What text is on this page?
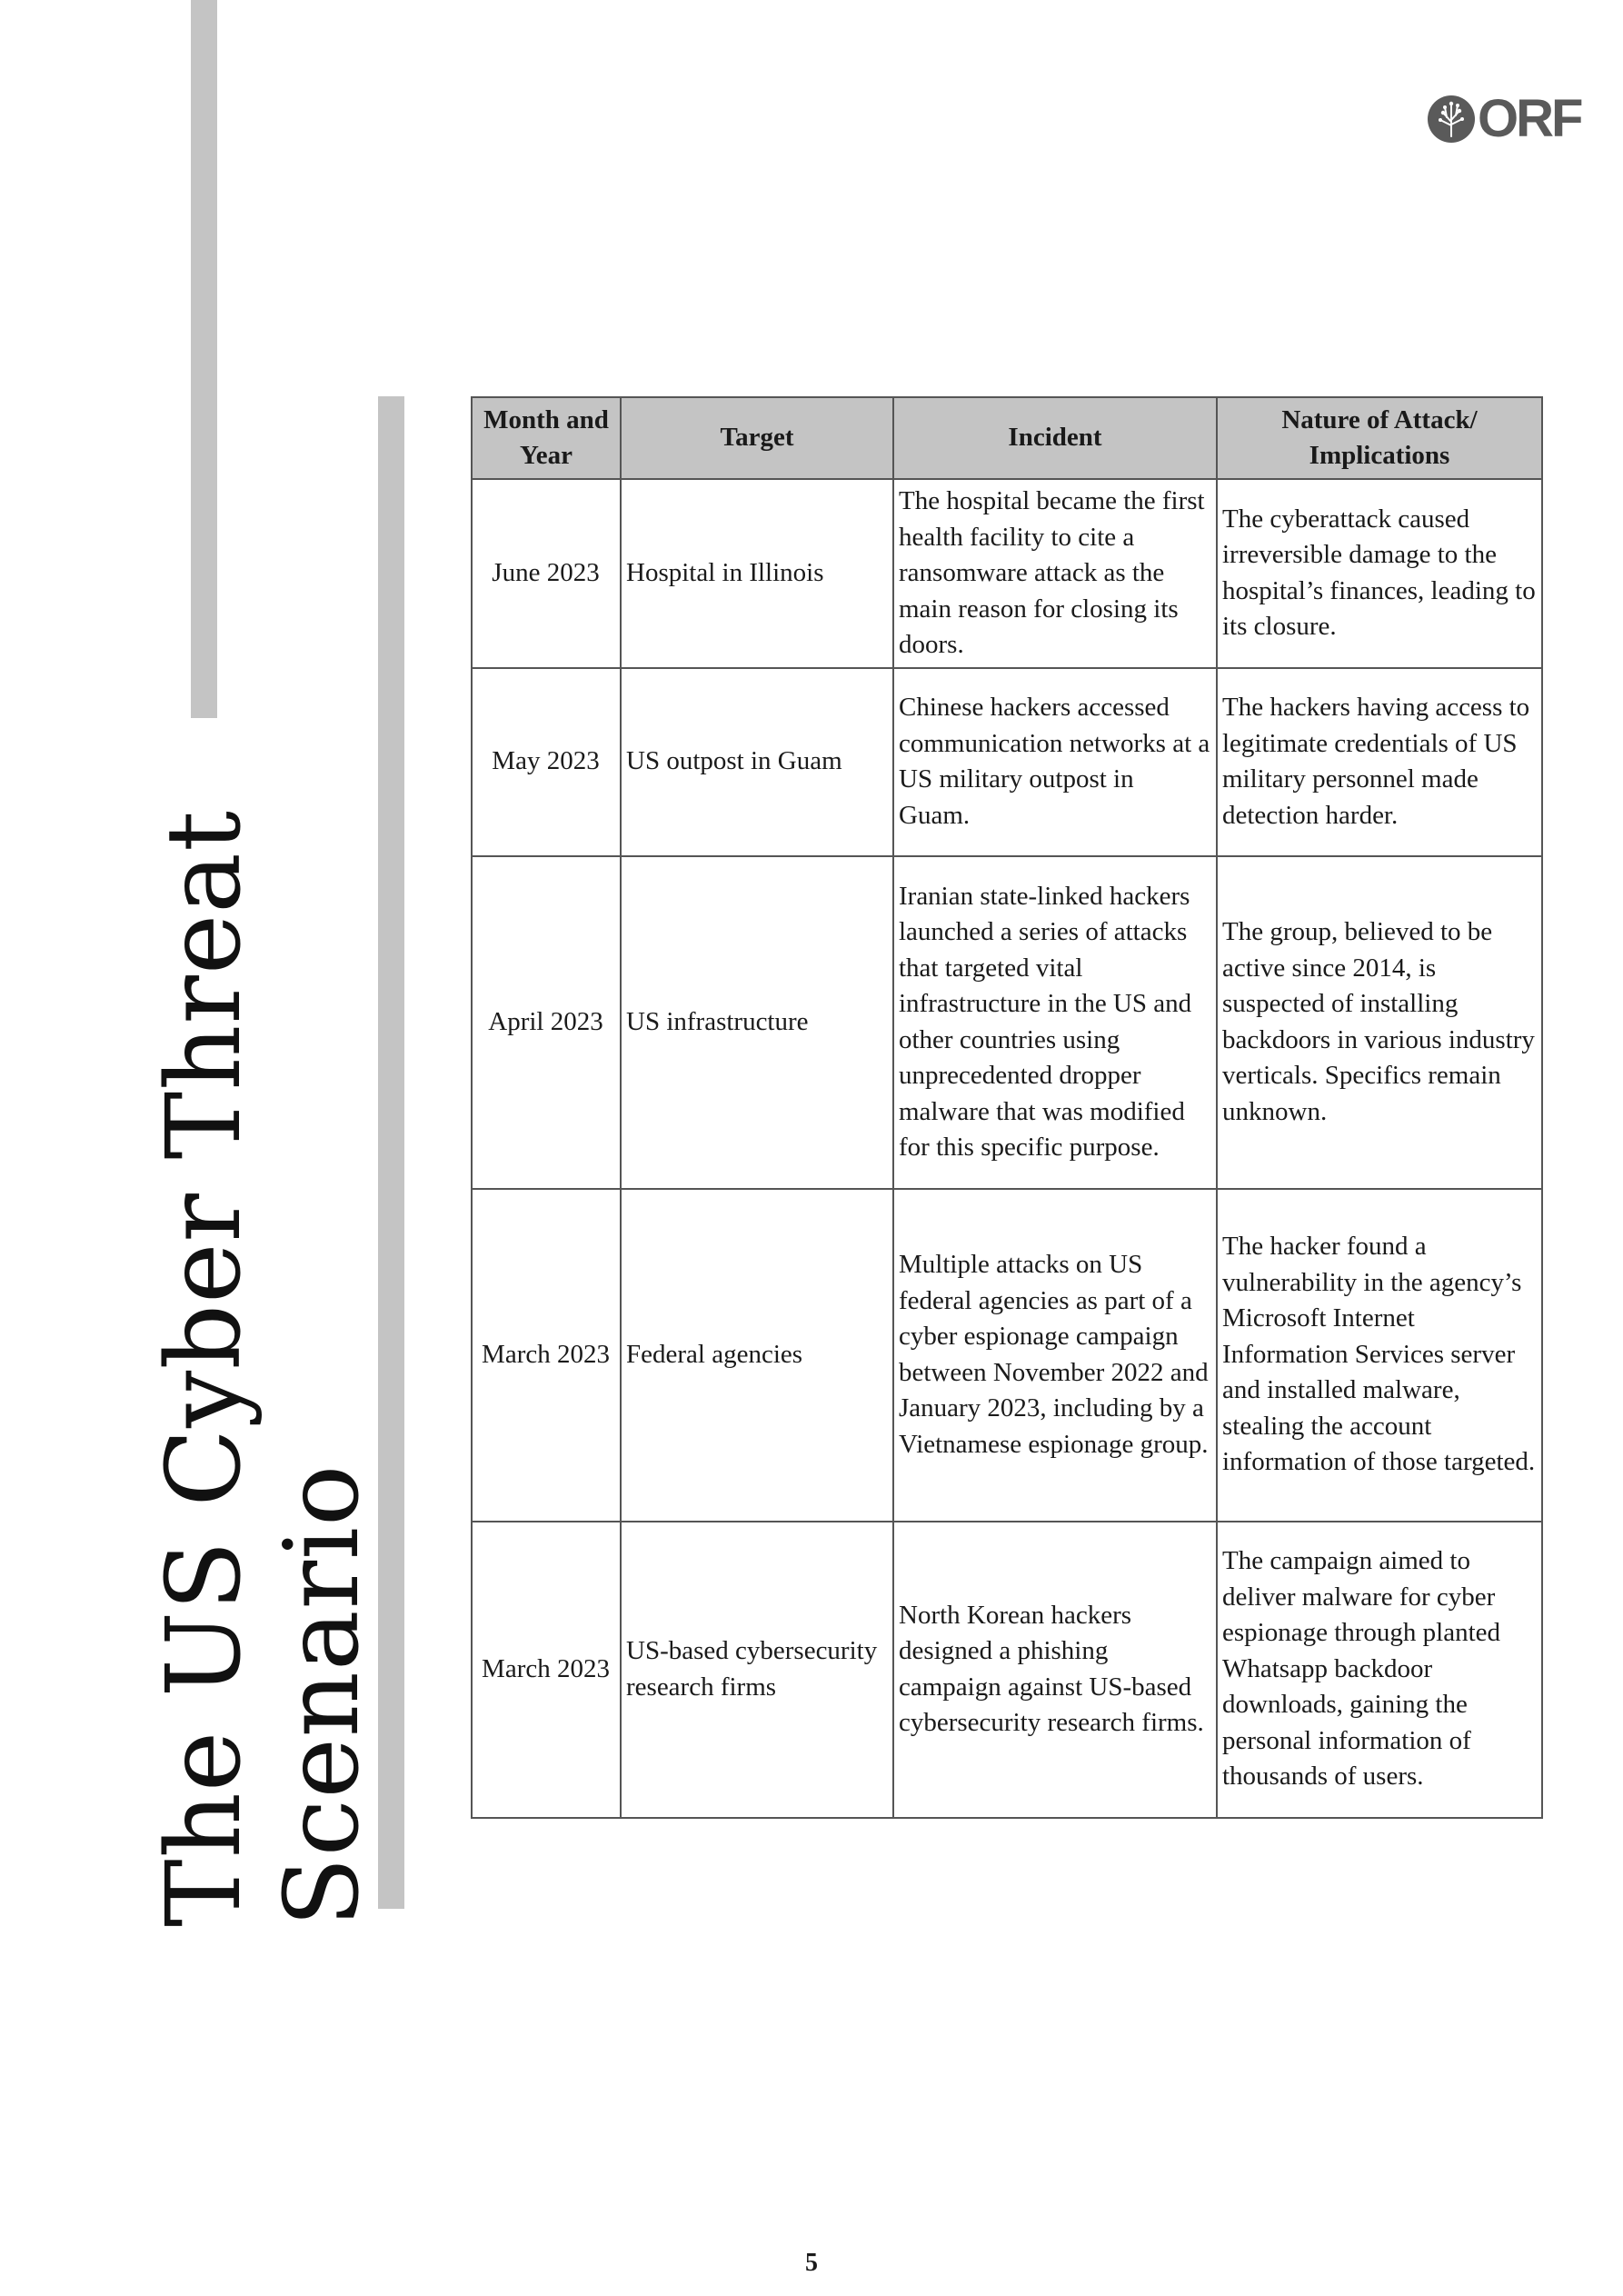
The US Cyber Threat Scenario
ORF
Month and Year	Target	Incident	Nature of Attack/ Implications
June 2023	Hospital in Illinois	The hospital became the first health facility to cite a ransomware attack as the main reason for closing its doors.	The cyberattack caused irreversible damage to the hospital’s finances, leading to its closure.
May 2023	US outpost in Guam	Chinese hackers accessed communication networks at a US military outpost in Guam.	The hackers having access to legitimate credentials of US military personnel made detection harder.
April 2023	US infrastructure	Iranian state-linked hackers launched a series of attacks that targeted vital infrastructure in the US and other countries using unprecedented dropper malware that was modified for this specific purpose.	The group, believed to be active since 2014, is suspected of installing backdoors in various industry verticals. Specifics remain unknown.
March 2023	Federal agencies	Multiple attacks on US federal agencies as part of a cyber espionage campaign between November 2022 and January 2023, including by a Vietnamese espionage group.	The hacker found a vulnerability in the agency’s Microsoft Internet Information Services server and installed malware, stealing the account information of those targeted.
March 2023	US-based cybersecurity research firms	North Korean hackers designed a phishing campaign against US-based cybersecurity research firms.	The campaign aimed to deliver malware for cyber espionage through planted Whatsapp backdoor downloads, gaining the personal information of thousands of users.
5
